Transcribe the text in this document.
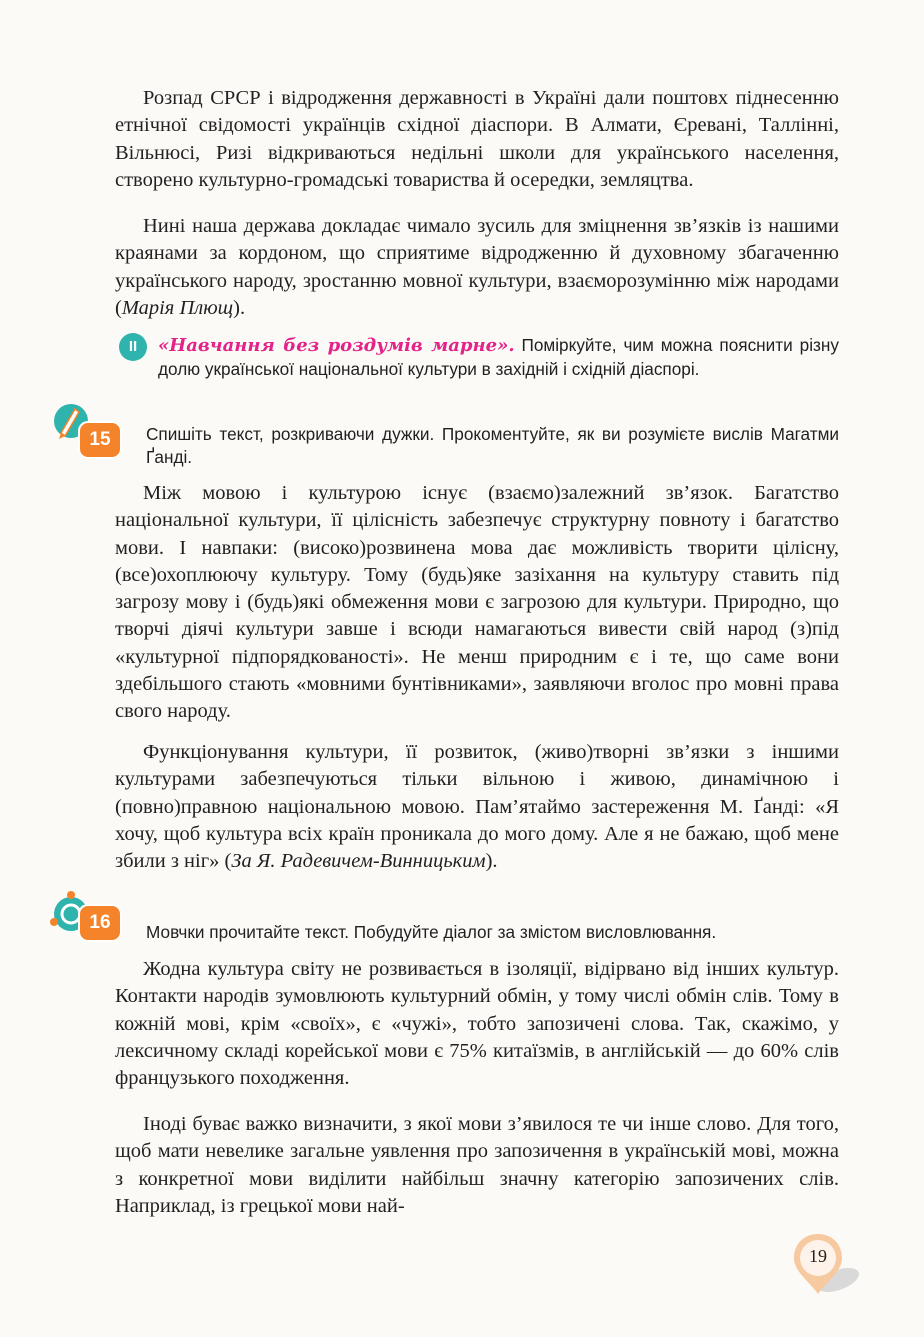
Розпад СРСР і відродження державності в Україні дали поштовх піднесенню етнічної свідомості українців східної діаспори. В Алмати, Єревані, Таллінні, Вільнюсі, Ризі відкриваються недільні школи для українського населення, створено культурно-громадські товариства й осередки, земляцтва.

Нині наша держава докладає чимало зусиль для зміцнення зв’язків із нашими краянами за кордоном, що сприятиме відродженню й духовному збагаченню українського народу, зростанню мовної культури, взаєморозумінню між народами (Марія Плющ).

II	«Навчання без роздумів марне». Поміркуйте, чим можна пояснити різну долю української національної культури в західній і східній діаспорі.

15	Спишіть текст, розкриваючи дужки. Прокоментуйте, як ви розумієте вислів Магатми Ґанді.

Між мовою і культурою існує (взаємо)залежний зв’язок. Багатство національної культури, її цілісність забезпечує структурну повноту і багатство мови. І навпаки: (високо)розвинена мова дає можливість творити цілісну, (все)охоплюючу культуру. Тому (будь)яке зазіхання на культуру ставить під загрозу мову і (будь)які обмеження мови є загрозою для культури. Природно, що творчі діячі культури завше і всюди намагаються вивести свій народ (з)під «культурної підпорядкованості». Не менш природним є і те, що саме вони здебільшого стають «мовними бунтівниками», заявляючи вголос про мовні права свого народу.

Функціонування культури, її розвиток, (живо)творні зв’язки з іншими культурами забезпечуються тільки вільною і живою, динамічною і (повно)правною національною мовою. Пам’ятаймо застереження М. Ґанді: «Я хочу, щоб культура всіх країн проникала до мого дому. Але я не бажаю, щоб мене збили з ніг» (За Я. Радевичем-Винницьким).

16	Мовчки прочитайте текст. Побудуйте діалог за змістом висловлювання.

Жодна культура світу не розвивається в ізоляції, відірвано від інших культур. Контакти народів зумовлюють культурний обмін, у тому числі обмін слів. Тому в кожній мові, крім «своїх», є «чужі», тобто запозичені слова. Так, скажімо, у лексичному складі корейської мови є 75% китаїзмів, в англійській — до 60% слів французького походження.

Іноді буває важко визначити, з якої мови з’явилося те чи інше слово. Для того, щоб мати невелике загальне уявлення про запозичення в українській мові, можна з конкретної мови виділити найбільш значну категорію запозичених слів. Наприклад, із грецької мови най-

19
